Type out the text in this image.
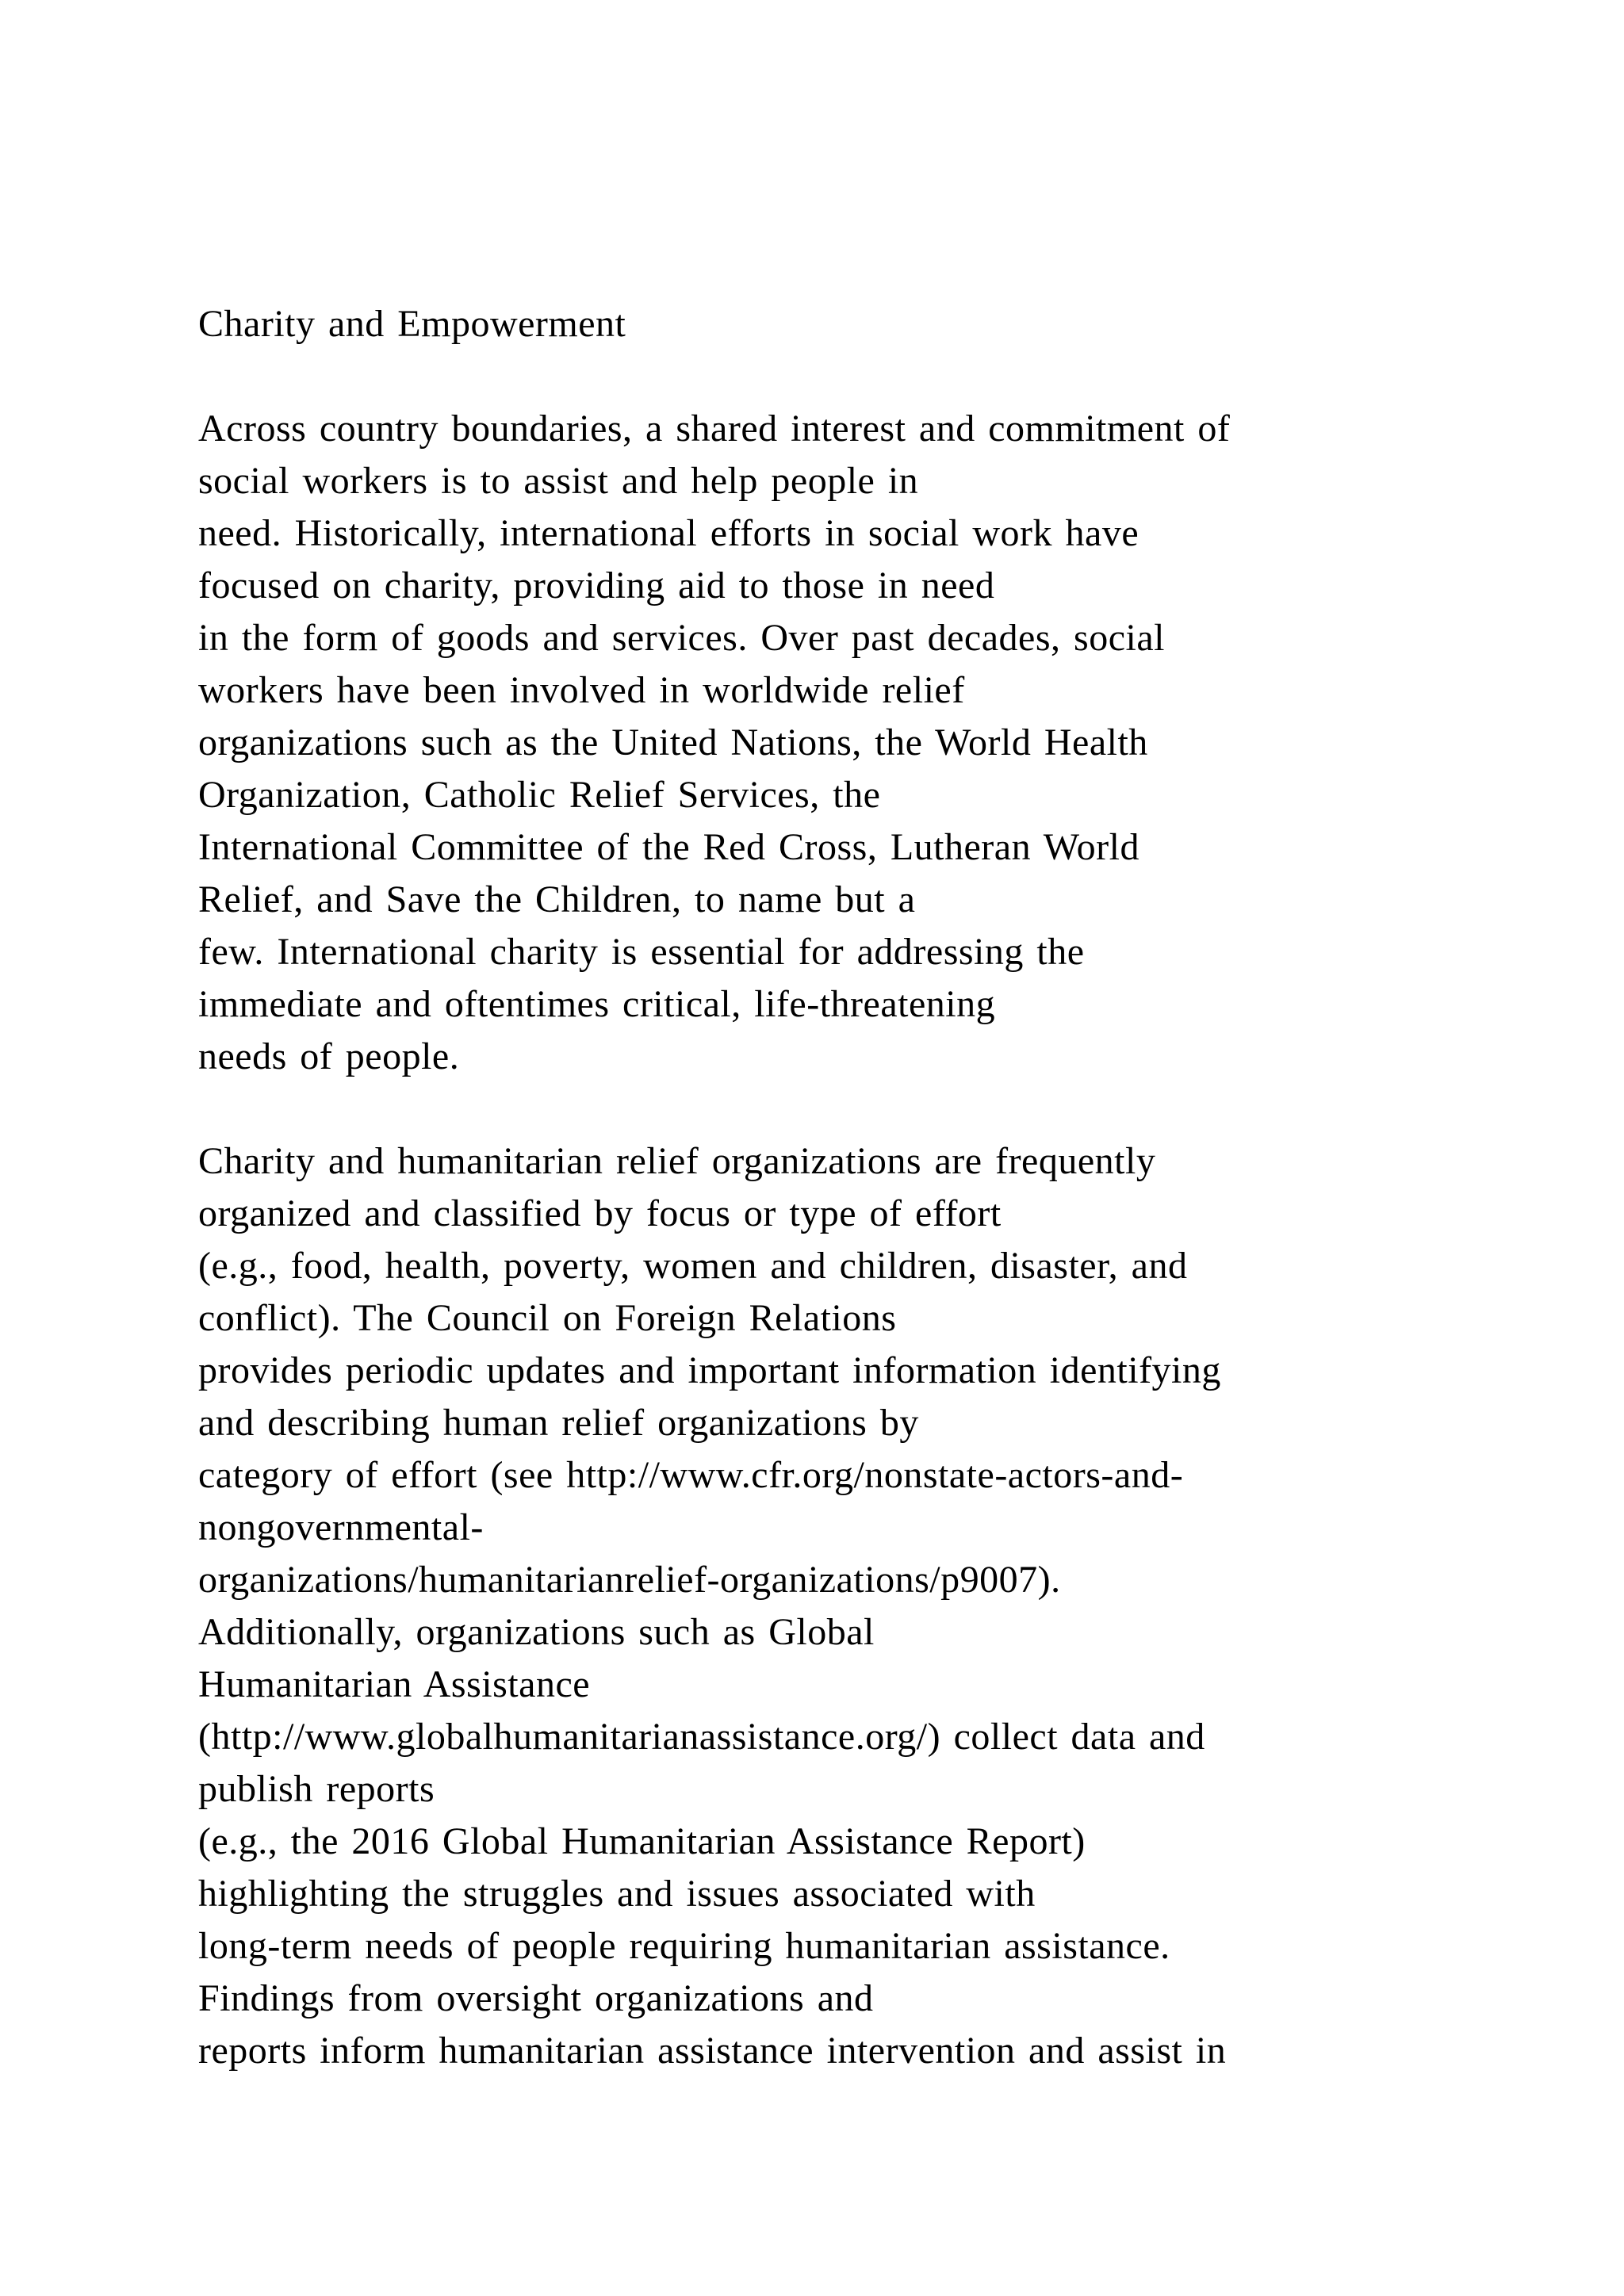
Charity and Empowerment
Across country boundaries, a shared interest and commitment of
social workers is to assist and help people in
need. Historically, international efforts in social work have
focused on charity, providing aid to those in need
in the form of goods and services. Over past decades, social
workers have been involved in worldwide relief
organizations such as the United Nations, the World Health
Organization, Catholic Relief Services, the
International Committee of the Red Cross, Lutheran World
Relief, and Save the Children, to name but a
few. International charity is essential for addressing the
immediate and oftentimes critical, life-threatening
needs of people.
Charity and humanitarian relief organizations are frequently
organized and classified by focus or type of effort
(e.g., food, health, poverty, women and children, disaster, and
conflict). The Council on Foreign Relations
provides periodic updates and important information identifying
and describing human relief organizations by
category of effort (see http://www.cfr.org/nonstate-actors-and-
nongovernmental-
organizations/humanitarianrelief-organizations/p9007).
Additionally, organizations such as Global
Humanitarian Assistance
(http://www.globalhumanitarianassistance.org/) collect data and
publish reports
(e.g., the 2016 Global Humanitarian Assistance Report)
highlighting the struggles and issues associated with
long-term needs of people requiring humanitarian assistance.
Findings from oversight organizations and
reports inform humanitarian assistance intervention and assist in
